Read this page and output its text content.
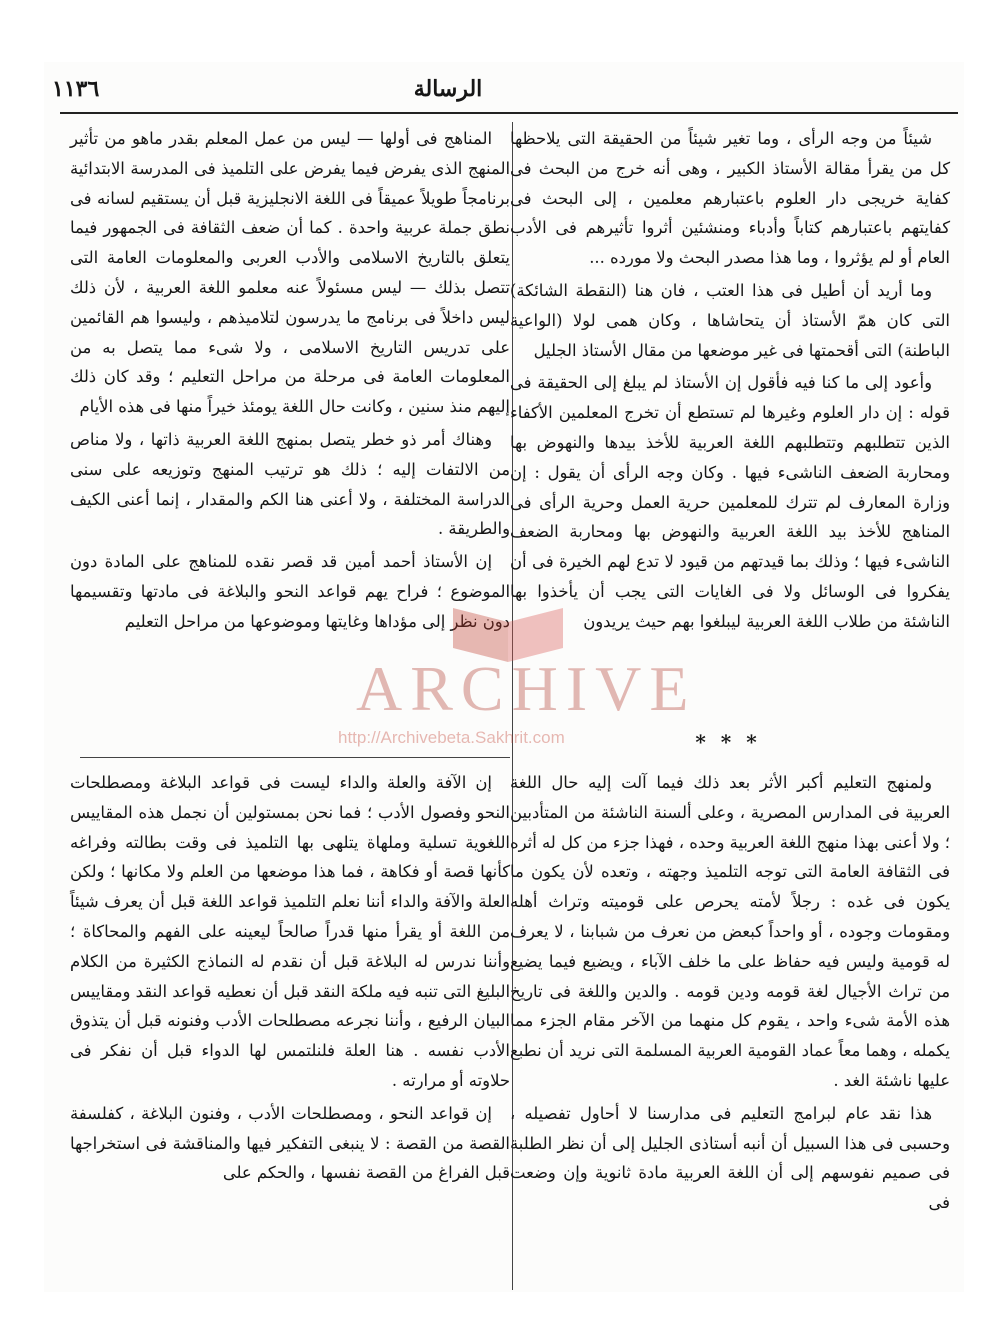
الرسالة
١١٣٦

شيئاً من وجه الرأى ، وما تغير شيئاً من الحقيقة التى يلاحظها كل من يقرأ مقالة الأستاذ الكبير ، وهى أنه خرج من البحث فى كفاية خريجى دار العلوم باعتبارهم معلمين ، إلى البحث فى كفايتهم باعتبارهم كتاباً وأدباء ومنشئين أثروا تأثيرهم فى الأدب العام أو لم يؤثروا ، وما هذا مصدر البحث ولا مورده ...

وما أريد أن أطيل فى هذا العتب ، فان هنا (النقطة الشائكة) التى كان همّ الأستاذ أن يتحاشاها ، وكان همى لولا (الواعية الباطنة) التى أقحمتها فى غير موضعها من مقال الأستاذ الجليل

وأعود إلى ما كنا فيه فأقول إن الأستاذ لم يبلغ إلى الحقيقة فى قوله : إن دار العلوم وغيرها لم تستطع أن تخرج المعلمين الأكفاء الذين تتطلبهم وتتطلبهم اللغة العربية للأخذ بيدها والنهوض بها ومحاربة الضعف الناشىء فيها . وكان وجه الرأى أن يقول : إن وزارة المعارف لم تترك للمعلمين حرية العمل وحرية الرأى فى المناهج للأخذ بيد اللغة العربية والنهوض بها ومحاربة الضعف الناشىء فيها ؛ وذلك بما قيدتهم من قيود لا تدع لهم الخيرة فى أن يفكروا فى الوسائل ولا فى الغايات التى يجب أن يأخذوا بها الناشئة من طلاب اللغة العربية ليبلغوا بهم حيث يريدون

* * *

المناهج فى أولها — ليس من عمل المعلم بقدر ماهو من تأثير المنهج الذى يفرض فيما يفرض على التلميذ فى المدرسة الابتدائية برنامجاً طويلاً عميقاً فى اللغة الانجليزية قبل أن يستقيم لسانه فى نطق جملة عربية واحدة . كما أن ضعف الثقافة فى الجمهور فيما يتعلق بالتاريخ الاسلامى والأدب العربى والمعلومات العامة التى تتصل بذلك — ليس مسئولاً عنه معلمو اللغة العربية ، لأن ذلك ليس داخلاً فى برنامج ما يدرسون لتلاميذهم ، وليسوا هم القائمين على تدريس التاريخ الاسلامى ، ولا شىء مما يتصل به من المعلومات العامة فى مرحلة من مراحل التعليم ؛ وقد كان ذلك إليهم منذ سنين ، وكانت حال اللغة يومئذ خيراً منها فى هذه الأيام

وهناك أمر ذو خطر يتصل بمنهج اللغة العربية ذاتها ، ولا مناص من الالتفات إليه ؛ ذلك هو ترتيب المنهج وتوزيعه على سنى الدراسة المختلفة ، ولا أعنى هنا الكم والمقدار ، إنما أعنى الكيف والطريقة .

إن الأستاذ أحمد أمين قد قصر نقده للمناهج على المادة دون الموضوع ؛ فراح يهم قواعد النحو والبلاغة فى مادتها وتقسيمها دون نظر إلى مؤداها وغايتها وموضوعها من مراحل التعليم

ولمنهج التعليم أكبر الأثر بعد ذلك فيما آلت إليه حال اللغة العربية فى المدارس المصرية ، وعلى ألسنة الناشئة من المتأدبين ؛ ولا أعنى بهذا منهج اللغة العربية وحده ، فهذا جزء من كل له أثره فى الثقافة العامة التى توجه التلميذ وجهته ، وتعده لأن يكون ما يكون فى غده : رجلاً لأمته يحرص على قوميته وتراث أهله ومقومات وجوده ، أو واحداً كبعض من نعرف من شبابنا ، لا يعرف له قومية وليس فيه حفاظ على ما خلف الآباء ، ويضيع فيما يضيع من تراث الأجيال لغة قومه ودين قومه . والدين واللغة فى تاريخ هذه الأمة شىء واحد ، يقوم كل منهما من الآخر مقام الجزء مما يكمله ، وهما معاً عماد القومية العربية المسلمة التى نريد أن نطبع عليها ناشئة الغد .

هذا نقد عام لبرامج التعليم فى مدارسنا لا أحاول تفصيله ، وحسبى فى هذا السبيل أن أنبه أستاذى الجليل إلى أن نظر الطلبة فى صميم نفوسهم إلى أن اللغة العربية مادة ثانوية وإن وضعت فى

إن الآفة والعلة والداء ليست فى قواعد البلاغة ومصطلحات النحو وفصول الأدب ؛ فما نحن بمستولين أن نجمل هذه المقاييس اللغوية تسلية وملهاة يتلهى بها التلميذ فى وقت بطالته وفراغه كأنها قصة أو فكاهة ، فما هذا موضعها من العلم ولا مكانها ؛ ولكن العلة والآفة والداء أننا نعلم التلميذ قواعد اللغة قبل أن يعرف شيئاً من اللغة أو يقرأ منها قدراً صالحاً ليعينه على الفهم والمحاكاة ؛ وأننا ندرس له البلاغة قبل أن نقدم له النماذج الكثيرة من الكلام البليغ التى تنبه فيه ملكة النقد قبل أن نعطيه قواعد النقد ومقاييس البيان الرفيع ، وأننا نجرعه مصطلحات الأدب وفنونه قبل أن يتذوق الأدب نفسه . هنا العلة فلنلتمس لها الدواء قبل أن نفكر فى حلاوته أو مرارته .

إن قواعد النحو ، ومصطلحات الأدب ، وفنون البلاغة ، كفلسفة القصة من القصة : لا ينبغى التفكير فيها والمناقشة فى استخراجها قبل الفراغ من القصة نفسها ، والحكم على

ARCHIVE
http://Archivebeta.Sakhrit.com
